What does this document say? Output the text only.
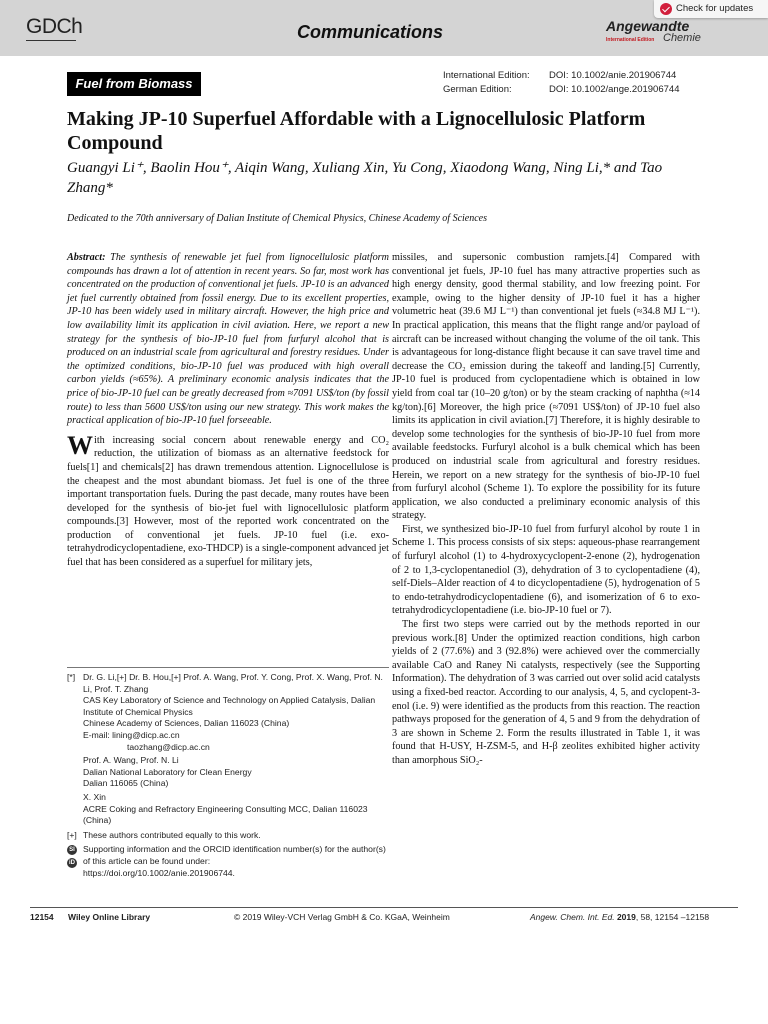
GDCh	Communications	Angewandte
International Edition Chemie
Check for updates
Fuel from Biomass
International Edition: DOI: 10.1002/anie.201906744
German Edition:	DOI: 10.1002/ange.201906744
Making JP-10 Superfuel Affordable with a Lignocellulosic Platform Compound
Guangyi Li⁺, Baolin Hou⁺, Aiqin Wang, Xuliang Xin, Yu Cong, Xiaodong Wang, Ning Li,* and Tao Zhang*
Dedicated to the 70th anniversary of Dalian Institute of Chemical Physics, Chinese Academy of Sciences

Abstract: The synthesis of renewable jet fuel from lignocellulosic platform compounds has drawn a lot of attention in recent years. So far, most work has concentrated on the production of conventional jet fuels. JP-10 is an advanced jet fuel currently obtained from fossil energy. Due to its excellent properties, JP-10 has been widely used in military aircraft. However, the high price and low availability limit its application in civil aviation. Here, we report a new strategy for the synthesis of bio-JP-10 fuel from furfuryl alcohol that is produced on an industrial scale from agricultural and forestry residues. Under the optimized conditions, bio-JP-10 fuel was produced with high overall carbon yields (≈65%). A preliminary economic analysis indicates that the price of bio-JP-10 fuel can be greatly decreased from ≈7091 US$/ton (by fossil route) to less than 5600 US$/ton using our new strategy. This work makes the practical application of bio-JP-10 fuel forseeable.

With increasing social concern about renewable energy and CO₂ reduction, the utilization of biomass as an alternative feedstock for fuels[1] and chemicals[2] has drawn tremendous attention. Lignocellulose is the cheapest and the most abundant biomass. Jet fuel is one of the three important transportation fuels. During the past decade, many routes have been developed for the synthesis of bio-jet fuel with lignocellulosic platform compounds.[3] However, most of the reported work concentrated on the production of conventional jet fuels. JP-10 fuel (i.e. exo-tetrahydrodicyclopentadiene, exo-THDCP) is a single-component advanced jet fuel that has been considered as a superfuel for military jets,

[*] Dr. G. Li,[+] Dr. B. Hou,[+] Prof. A. Wang, Prof. Y. Cong, Prof. X. Wang, Prof. N. Li, Prof. T. Zhang
CAS Key Laboratory of Science and Technology on Applied Catalysis, Dalian Institute of Chemical Physics
Chinese Academy of Sciences, Dalian 116023 (China)
E-mail: lining@dicp.ac.cn
taozhang@dicp.ac.cn
Prof. A. Wang, Prof. N. Li
Dalian National Laboratory for Clean Energy
Dalian 116065 (China)
X. Xin
ACRE Coking and Refractory Engineering Consulting MCC, Dalian 116023 (China)
[+] These authors contributed equally to this work.
SI
iD
Supporting information and the ORCID identification number(s) for the author(s) of this article can be found under:
https://doi.org/10.1002/anie.201906744.

missiles, and supersonic combustion ramjets.[4] Compared with conventional jet fuels, JP-10 fuel has many attractive properties such as high energy density, good thermal stability, and low freezing point. For example, owing to the higher density of JP-10 fuel it has a higher volumetric heat (39.6 MJ L⁻¹) than conventional jet fuels (≈34.8 MJ L⁻¹). In practical application, this means that the flight range and/or payload of aircraft can be increased without changing the volume of the oil tank. This is advantageous for long-distance flight because it can save travel time and decrease the CO₂ emission during the takeoff and landing.[5] Currently, JP-10 fuel is produced from cyclopentadiene which is obtained in low yield from coal tar (10–20 g/ton) or by the steam cracking of naphtha (≈14 kg/ton).[6] Moreover, the high price (≈7091 US$/ton) of JP-10 fuel also limits its application in civil aviation.[7] Therefore, it is highly desirable to develop some technologies for the synthesis of bio-JP-10 fuel from more available feedstocks. Furfuryl alcohol is a bulk chemical which has been produced on industrial scale from agricultural and forestry residues. Herein, we report on a new strategy for the synthesis of bio-JP-10 fuel from furfuryl alcohol (Scheme 1). To explore the possibility for its future application, we also conducted a preliminary economic analysis of this strategy.

First, we synthesized bio-JP-10 fuel from furfuryl alcohol by route 1 in Scheme 1. This process consists of six steps: aqueous-phase rearrangement of furfuryl alcohol (1) to 4-hydroxycyclopent-2-enone (2), hydrogenation of 2 to 1,3-cyclopentanediol (3), dehydration of 3 to cyclopentadiene (4), self-Diels–Alder reaction of 4 to dicyclopentadiene (5), hydrogenation of 5 to endo-tetrahydrodicyclopentadiene (6), and isomerization of 6 to exo-tetrahydrodicyclopentadiene (i.e. bio-JP-10 fuel or 7).

The first two steps were carried out by the methods reported in our previous work.[8] Under the optimized reaction conditions, high carbon yields of 2 (77.6%) and 3 (92.8%) were achieved over the commercially available CaO and Raney Ni catalysts, respectively (see the Supporting Information). The dehydration of 3 was carried out over solid acid catalysts using a fixed-bed reactor. According to our analysis, 4, 5, and cyclopent-3-enol (i.e. 9) were identified as the products from this reaction. The reaction pathways proposed for the generation of 4, 5 and 9 from the dehydration of 3 are shown in Scheme 2. Form the results illustrated in Table 1, it was found that H-USY, H-ZSM-5, and H-β zeolites exhibited higher activity than amorphous SiO₂-

12154 Wiley Online Library	© 2019 Wiley-VCH Verlag GmbH & Co. KGaA, Weinheim	Angew. Chem. Int. Ed. 2019, 58, 12154 –12158
